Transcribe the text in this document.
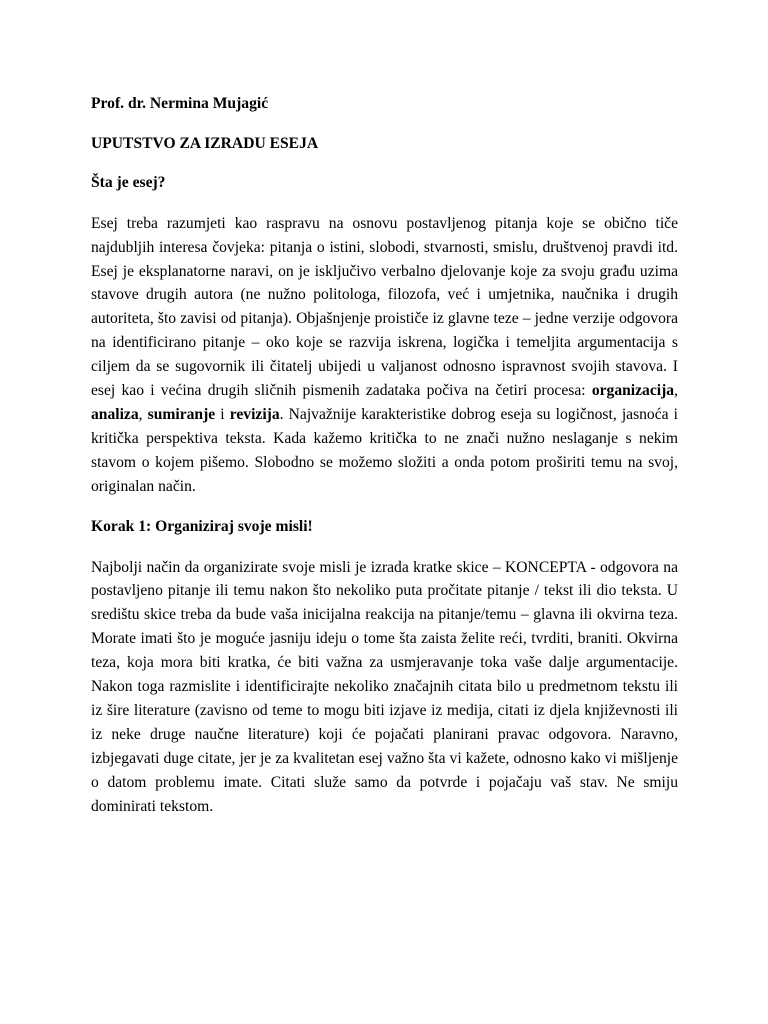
Prof. dr. Nermina Mujagić

UPUTSTVO ZA IZRADU ESEJA

Šta je esej?

Esej treba razumjeti kao raspravu na osnovu postavljenog pitanja koje se obično tiče najdubljih interesa čovjeka: pitanja o istini, slobodi, stvarnosti, smislu, društvenoj pravdi itd. Esej je eksplanatorne naravi, on je isključivo verbalno djelovanje koje za svoju građu uzima stavove drugih autora (ne nužno politologa, filozofa, već i umjetnika, naučnika i drugih autoriteta, što zavisi od pitanja). Objašnjenje proističe iz glavne teze – jedne verzije odgovora na identificirano pitanje – oko koje se razvija iskrena, logička i temeljita argumentacija s ciljem da se sugovornik ili čitatelj ubijedi u valjanost odnosno ispravnost svojih stavova. I esej kao i većina drugih sličnih pismenih zadataka počiva na četiri procesa: organizacija, analiza, sumiranje i revizija. Najvažnije karakteristike dobrog eseja su logičnost, jasnoća i kritička perspektiva teksta. Kada kažemo kritička to ne znači nužno neslaganje s nekim stavom o kojem pišemo. Slobodno se možemo složiti a onda potom proširiti temu na svoj, originalan način.

Korak 1: Organiziraj svoje misli!

Najbolji način da organizirate svoje misli je izrada kratke skice – KONCEPTA - odgovora na postavljeno pitanje ili temu nakon što nekoliko puta pročitate pitanje / tekst ili dio teksta. U središtu skice treba da bude vaša inicijalna reakcija na pitanje/temu – glavna ili okvirna teza. Morate imati što je moguće jasniju ideju o tome šta zaista želite reći, tvrditi, braniti. Okvirna teza, koja mora biti kratka, će biti važna za usmjeravanje toka vaše dalje argumentacije. Nakon toga razmislite i identificirajte nekoliko značajnih citata bilo u predmetnom tekstu ili iz šire literature (zavisno od teme to mogu biti izjave iz medija, citati iz djela književnosti ili iz neke druge naučne literature) koji će pojačati planirani pravac odgovora. Naravno, izbjegavati duge citate, jer je za kvalitetan esej važno šta vi kažete, odnosno kako vi mišljenje o datom problemu imate. Citati služe samo da potvrde i pojačaju vaš stav. Ne smiju dominirati tekstom.
